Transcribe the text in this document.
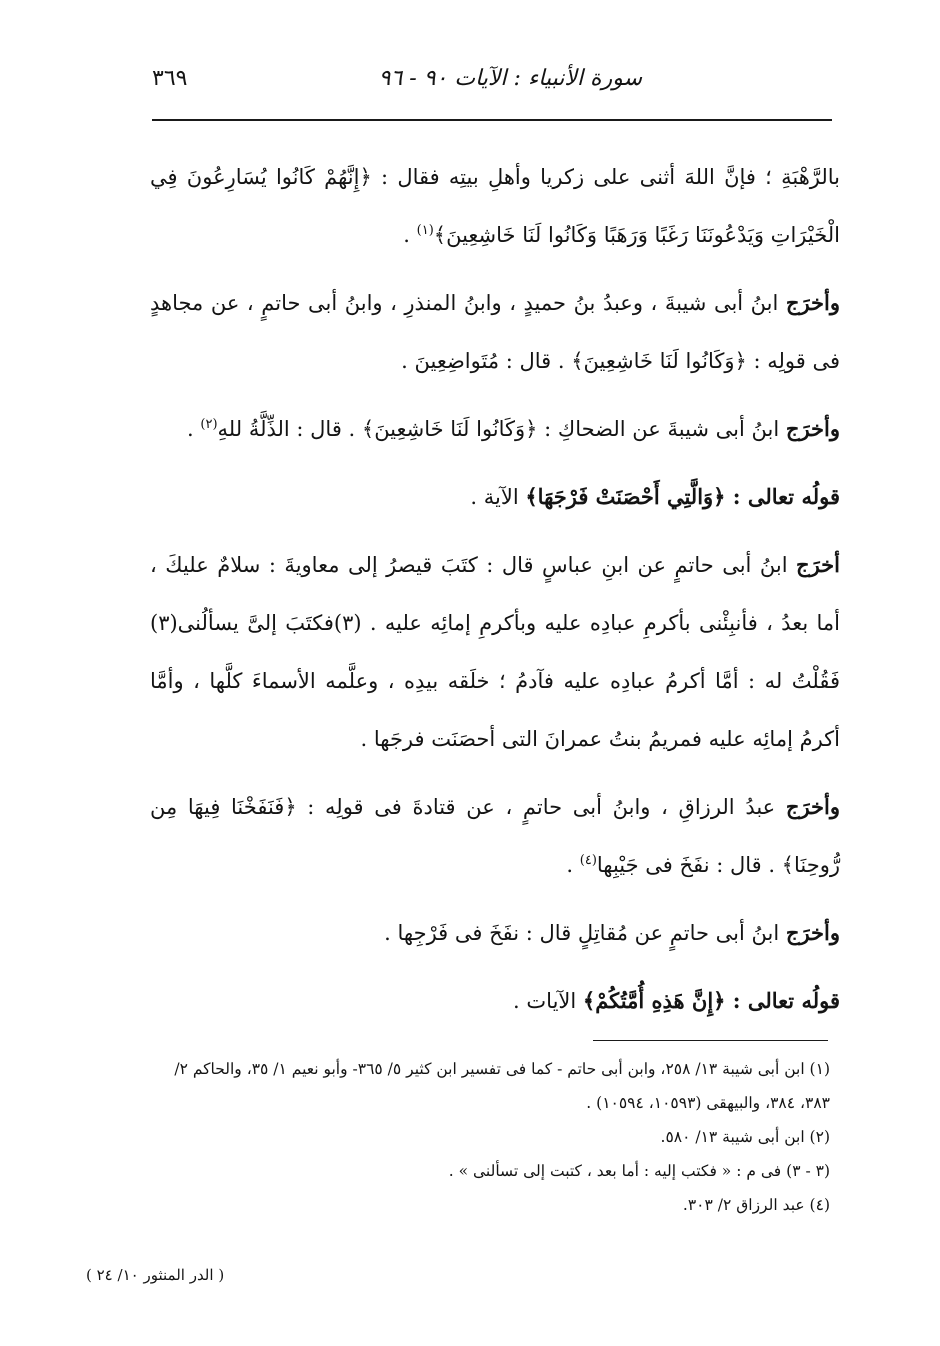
سورة الأنبياء : الآيات ٩٠ - ٩٦
٣٦٩

بالرَّهْبَةِ ؛ فإنَّ اللهَ أثنى على زكريا وأهلِ بيتِه فقال : ﴿إِنَّهُمْ كَانُوا يُسَارِعُونَ فِي الْخَيْرَاتِ وَيَدْعُونَنَا رَغَبًا وَرَهَبًا وَكَانُوا لَنَا خَاشِعِينَ﴾$^{(١)}$ .

وأخرَج ابنُ أبى شيبةَ ، وعبدُ بنُ حميدٍ ، وابنُ المنذرِ ، وابنُ أبى حاتمٍ ، عن مجاهدٍ فى قولِه : ﴿وَكَانُوا لَنَا خَاشِعِينَ﴾ . قال : مُتَواضِعِينَ .

وأخرَج ابنُ أبى شيبةَ عن الضحاكِ : ﴿وَكَانُوا لَنَا خَاشِعِينَ﴾ . قال : الذِّلَّةُ للهِ$^{(٢)}$ .

قولُه تعالى : ﴿وَالَّتِي أَحْصَنَتْ فَرْجَهَا﴾ الآية .

أخرَج ابنُ أبى حاتمٍ عن ابنِ عباسٍ قال : كتَبَ قيصرُ إلى معاويةَ : سلامٌ عليكَ ، أما بعدُ ، فأنبِئْنى بأكرمِ عبادِه عليه وبأكرمِ إمائِه عليه . (٣)فكتَبَ إلىَّ يسألُنى(٣) فَقُلْتُ له : أمَّا أكرمُ عبادِه عليه فآدمُ ؛ خلَقه بيدِه ، وعلَّمه الأسماءَ كلَّها ، وأمَّا أكرمُ إمائِه عليه فمريمُ بنتُ عمرانَ التى أحصَنَت فرجَها .

وأخرَج عبدُ الرزاقِ ، وابنُ أبى حاتمٍ ، عن قتادةَ فى قولِه : ﴿فَنَفَخْنَا فِيهَا مِن رُّوحِنَا﴾ . قال : نفَخَ فى جَيْبِها$^{(٤)}$ .

وأخرَج ابنُ أبى حاتمٍ عن مُقاتِلٍ قال : نفَخَ فى فَرْجِها .

قولُه تعالى : ﴿إِنَّ هَذِهِ أُمَّتُكُمْ﴾ الآيات .

(١) ابن أبى شيبة ١٣/ ٢٥٨، وابن أبى حاتم - كما فى تفسير ابن كثير ٥/ ٣٦٥- وأبو نعيم ١/ ٣٥، والحاكم ٢/ ٣٨٣، ٣٨٤، والبيهقى (١٠٥٩٣، ١٠٥٩٤) .

(٢) ابن أبى شيبة ١٣/ ٥٨٠.

(٣ - ٣) فى م : « فكتب إليه : أما بعد ، كتبت إلى تسألنى » .

(٤) عبد الرزاق ٢/ ٣٠٣.

( الدر المنثور ١٠/ ٢٤ )
